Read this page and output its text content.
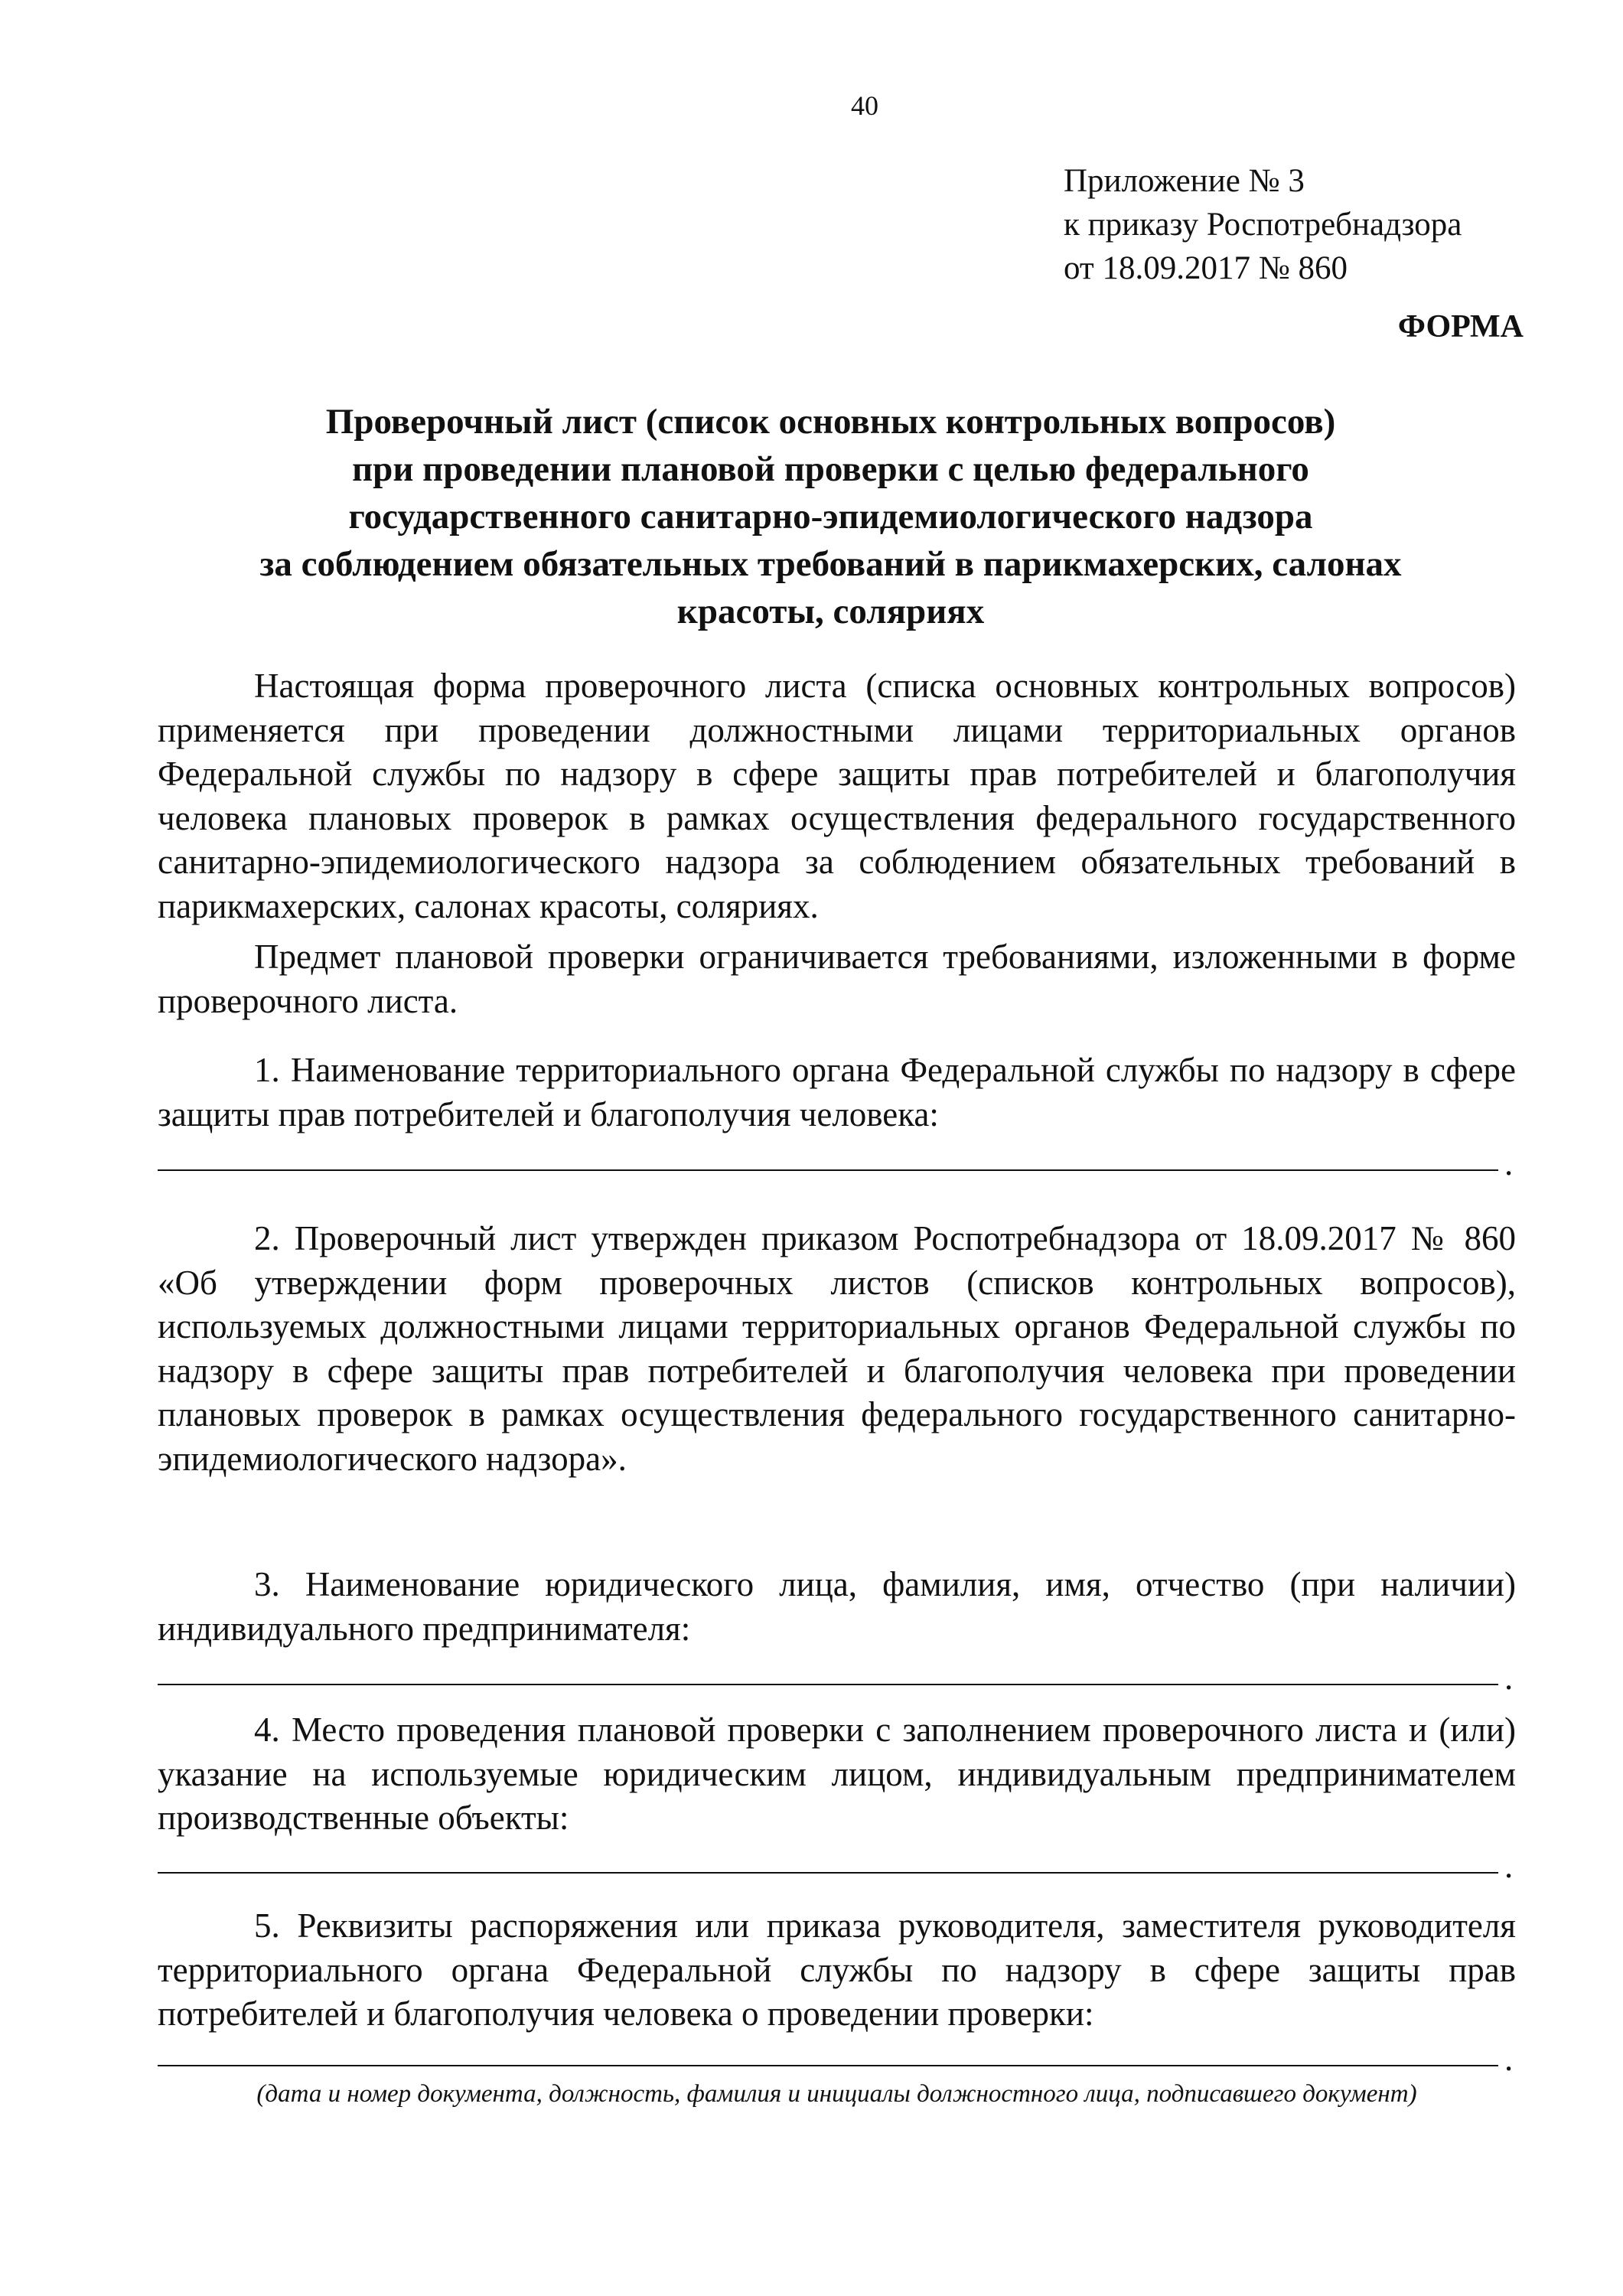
40
Приложение № 3
к приказу Роспотребнадзора
от 18.09.2017 № 860
ФОРМА
Проверочный лист (список основных контрольных вопросов)
при проведении плановой проверки с целью федерального
государственного санитарно-эпидемиологического надзора
за соблюдением обязательных требований в парикмахерских, салонах
красоты, соляриях
Настоящая форма проверочного листа (списка основных контрольных вопросов) применяется при проведении должностными лицами территориальных органов Федеральной службы по надзору в сфере защиты прав потребителей и благополучия человека плановых проверок в рамках осуществления федерального государственного санитарно-эпидемиологического надзора за соблюдением обязательных требований в парикмахерских, салонах красоты, соляриях.
Предмет плановой проверки ограничивается требованиями, изложенными в форме проверочного листа.
1. Наименование территориального органа Федеральной службы по надзору в сфере защиты прав потребителей и благополучия человека:
.
2. Проверочный лист утвержден приказом Роспотребнадзора от 18.09.2017 № 860 «Об утверждении форм проверочных листов (списков контрольных вопросов), используемых должностными лицами территориальных органов Федеральной службы по надзору в сфере защиты прав потребителей и благополучия человека при проведении плановых проверок в рамках осуществления федерального государственного санитарно-эпидемиологического надзора».
3. Наименование юридического лица, фамилия, имя, отчество (при наличии) индивидуального предпринимателя:
.
4. Место проведения плановой проверки с заполнением проверочного листа и (или) указание на используемые юридическим лицом, индивидуальным предпринимателем производственные объекты:
.
5. Реквизиты распоряжения или приказа руководителя, заместителя руководителя территориального органа Федеральной службы по надзору в сфере защиты прав потребителей и благополучия человека о проведении проверки:
.
(дата и номер документа, должность, фамилия и инициалы должностного лица, подписавшего документ)
